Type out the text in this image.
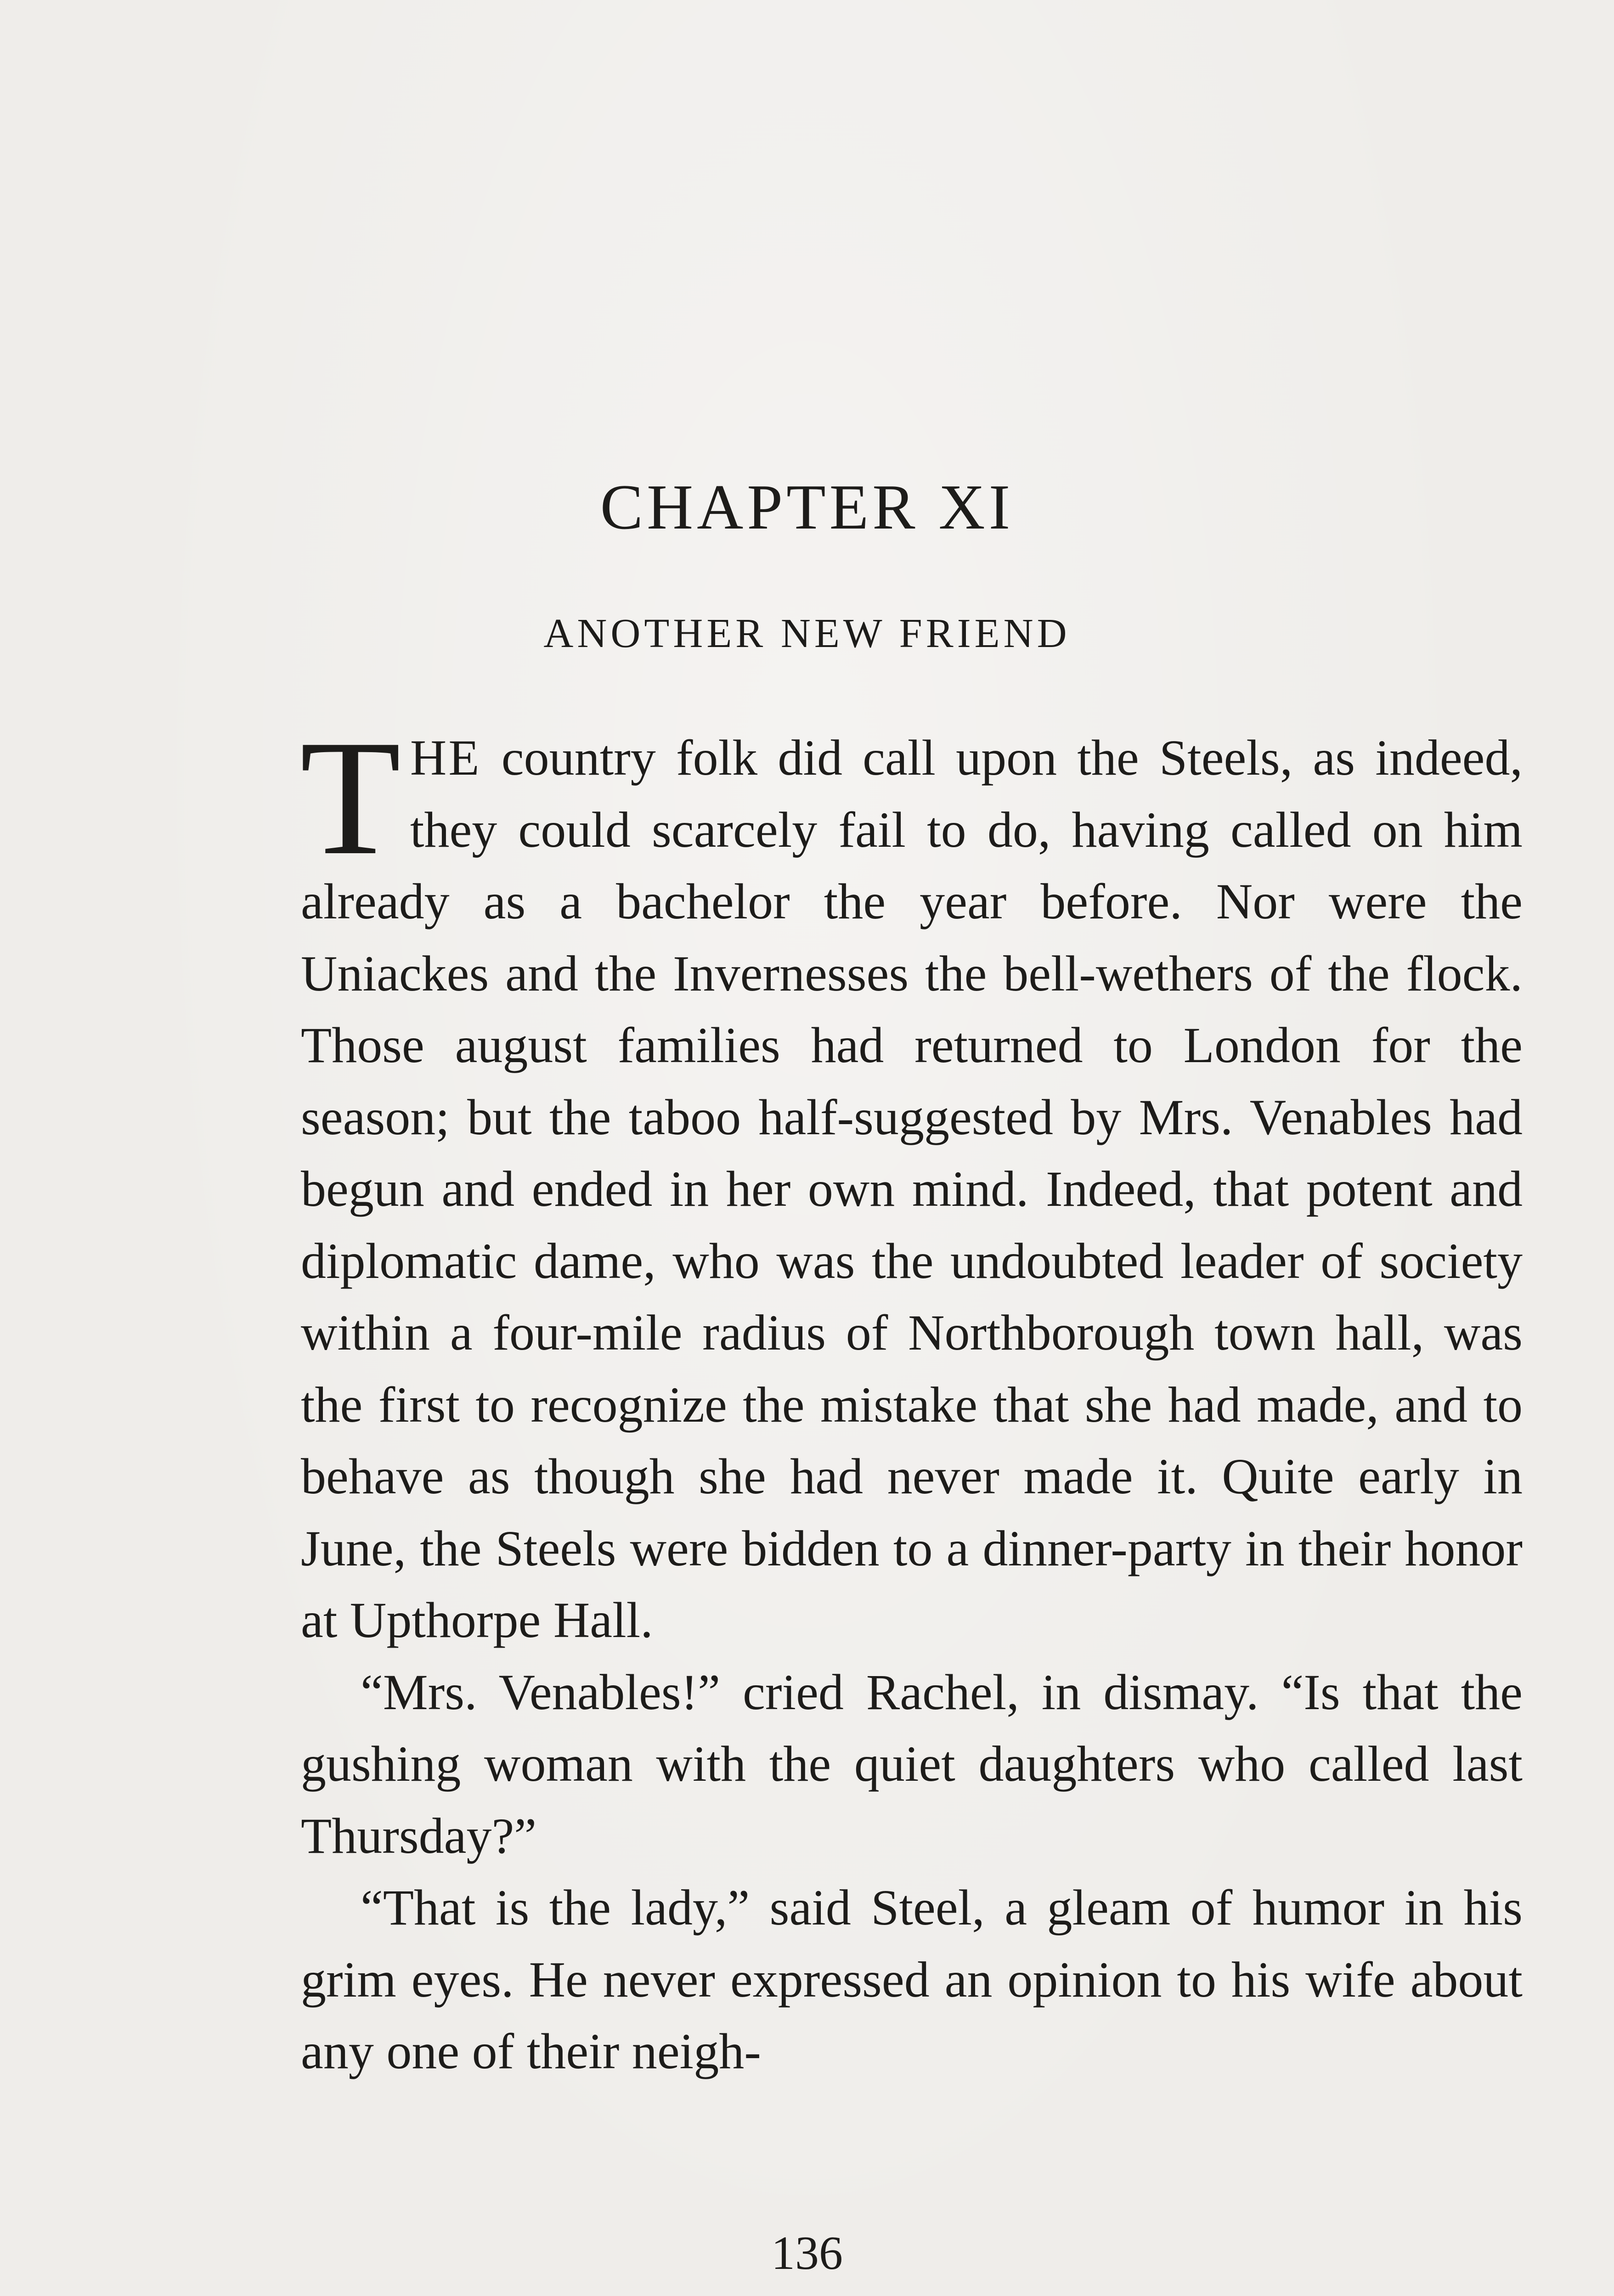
CHAPTER XI
ANOTHER NEW FRIEND

THE country folk did call upon the Steels, as indeed, they could scarcely fail to do, having called on him already as a bachelor the year before. Nor were the Uniackes and the Invernesses the bell-wethers of the flock. Those august families had returned to London for the season; but the taboo half-suggested by Mrs. Venables had begun and ended in her own mind. Indeed, that potent and diplomatic dame, who was the undoubted leader of society within a four-mile radius of Northborough town hall, was the first to recognize the mistake that she had made, and to behave as though she had never made it. Quite early in June, the Steels were bidden to a dinner-party in their honor at Upthorpe Hall.

“Mrs. Venables!” cried Rachel, in dismay. “Is that the gushing woman with the quiet daughters who called last Thursday?”

“That is the lady,” said Steel, a gleam of humor in his grim eyes. He never expressed an opinion to his wife about any one of their neigh-

136
